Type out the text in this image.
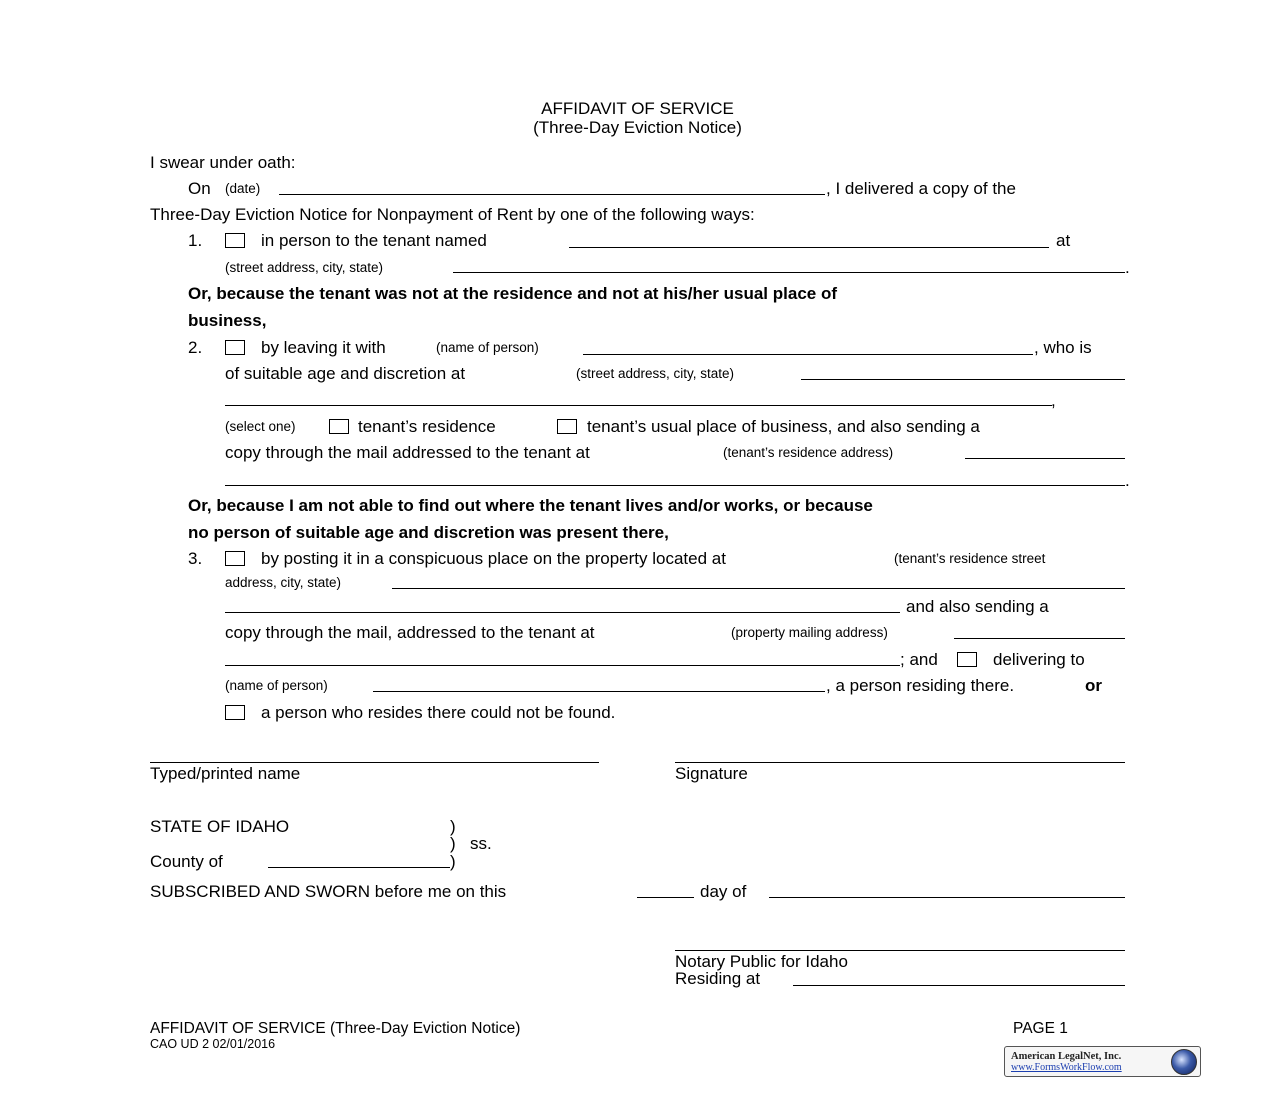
AFFIDAVIT OF SERVICE
(Three-Day Eviction Notice)
I swear under oath:
On (date)	, I delivered a copy of the
Three-Day Eviction Notice for Nonpayment of Rent by one of the following ways:
1.	in person to the tenant named	at
(street address, city, state)	.
Or, because the tenant was not at the residence and not at his/her usual place of
business,
2.	by leaving it with	(name of person)	, who is
of suitable age and discretion at	(street address, city, state)
,
(select one)	tenant’s residence	tenant’s usual place of business, and also sending a
copy through the mail addressed to the tenant at	(tenant’s residence address)
.
Or, because I am not able to find out where the tenant lives and/or works, or because
no person of suitable age and discretion was present there,
3.	by posting it in a conspicuous place on the property located at	(tenant’s residence street
address, city, state)
and also sending a
copy through the mail, addressed to the tenant at	(property mailing address)
; and	delivering to
(name of person)	, a person residing there.	or
a person who resides there could not be found.
Typed/printed name	Signature
STATE OF IDAHO	)
) ss.
County of	)
SUBSCRIBED AND SWORN before me on this	day of
Notary Public for Idaho
Residing at
AFFIDAVIT OF SERVICE (Three-Day Eviction Notice)	PAGE 1
CAO UD 2 02/01/2016
American LegalNet, Inc.
www.FormsWorkFlow.com
